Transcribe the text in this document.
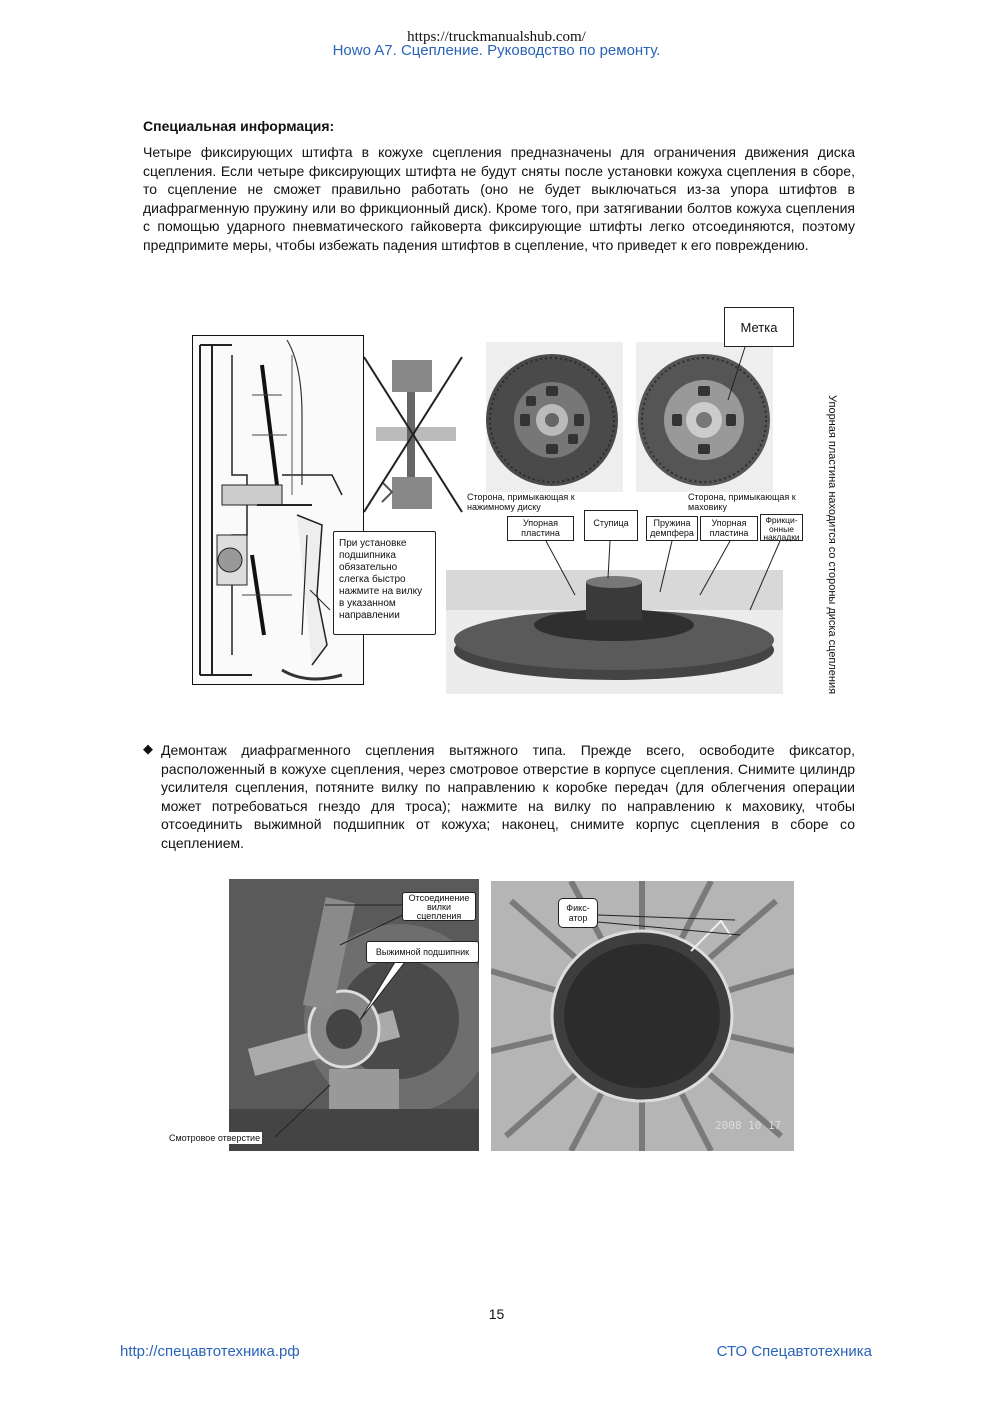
https://truckmanualshub.com/
Howo A7. Сцепление. Руководство по ремонту.
Специальная информация:
Четыре фиксирующих штифта в кожухе сцепления предназначены для ограничения движения диска сцепления. Если четыре фиксирующих штифта не будут сняты после установки кожуха сцепления в сборе, то сцепление не сможет правильно работать (оно не будет выключаться из-за упора штифтов в диафрагменную пружину или во фрикционный диск). Кроме того, при затягивании болтов кожуха сцепления с помощью ударного пневматического гайковерта фиксирующие штифты легко отсоединяются, поэтому предпримите меры, чтобы избежать падения штифтов в сцепление, что приведет к его повреждению.
Метка
Сторона, примыкающая к нажимному диску
Сторона, примыкающая к маховику
Упорная пластина
Ступица	Пружина демпфера
Упорная пластина
Фрикци-онные накладки
При установке подшипника обязательно слегка быстро нажмите на вилку в указанном направлении	Упорная пластина находится со стороны диска сцепления
◆ Демонтаж диафрагменного сцепления вытяжного типа. Прежде всего, освободите фиксатор, расположенный в кожухе сцепления, через смотровое отверстие в корпусе сцепления. Снимите цилиндр усилителя сцепления, потяните вилку по направлению к коробке передач (для облегчения операции может потребоваться гнездо для троса); нажмите на вилку по направлению к маховику, чтобы отсоединить выжимной подшипник от кожуха; наконец, снимите корпус сцепления в сборе со сцеплением.
2008 10 17
Отсоединение вилки сцепления
Выжимной подшипник
Смотровое отверстие
Фикс-атор
15
http://спецавтотехника.рф	СТО Спецавтотехника
